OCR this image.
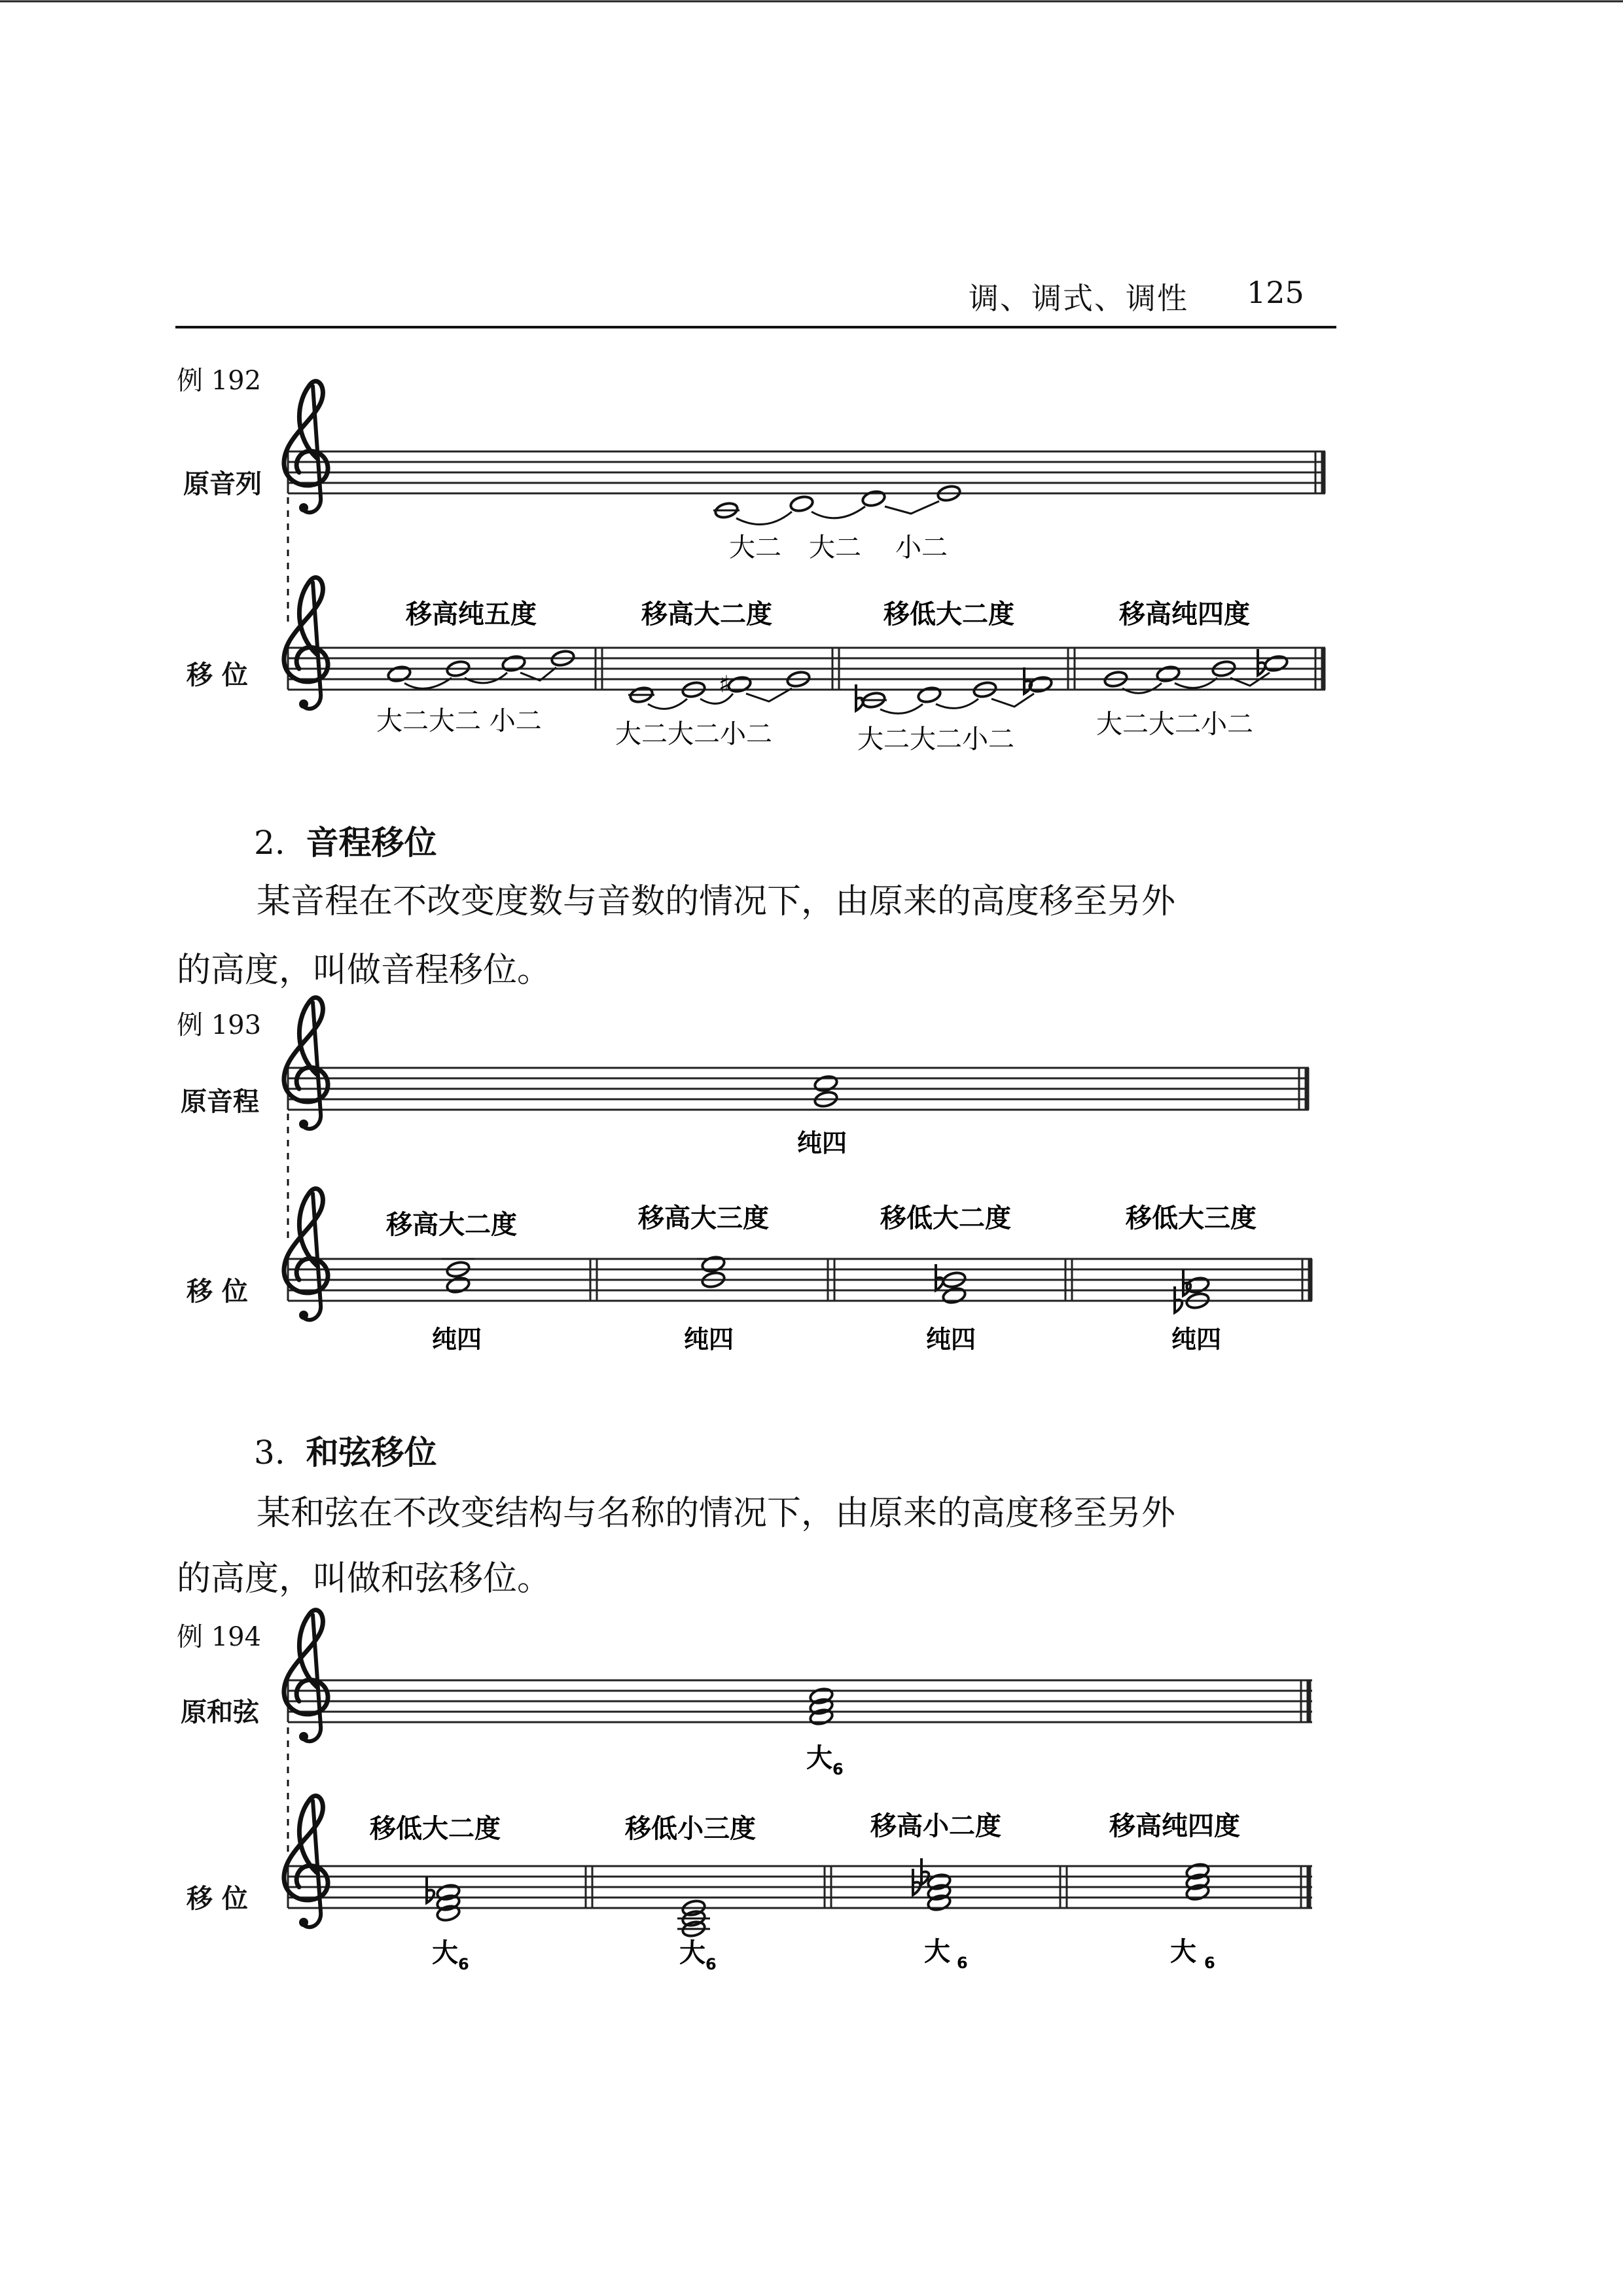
调、调式、调性 125
例 192
原音列
移 位
2. 音程移位
某音程在不改变度数与音数的情况下，由原来的高度移至另外
的高度，叫做音程移位。
例 193
原音程
移 位
3. 和弦移位
某和弦在不改变结构与名称的情况下，由原来的高度移至另外
的高度，叫做和弦移位。
例 194
原和弦
移 位
大二 大二 小二
♯
移高纯五度	移高大二度	移低大二度	移高纯四度
大二大二 小二	大二大二小二	大二大二小二	大二大二小二
纯四
移高大二度	移高大三度	移低大二度	移低大三度
纯四	纯四	纯四	纯四
大 6
移低大二度	移低小三度	移高小二度	移高纯四度
大 6	大 6	大 6	大 6
